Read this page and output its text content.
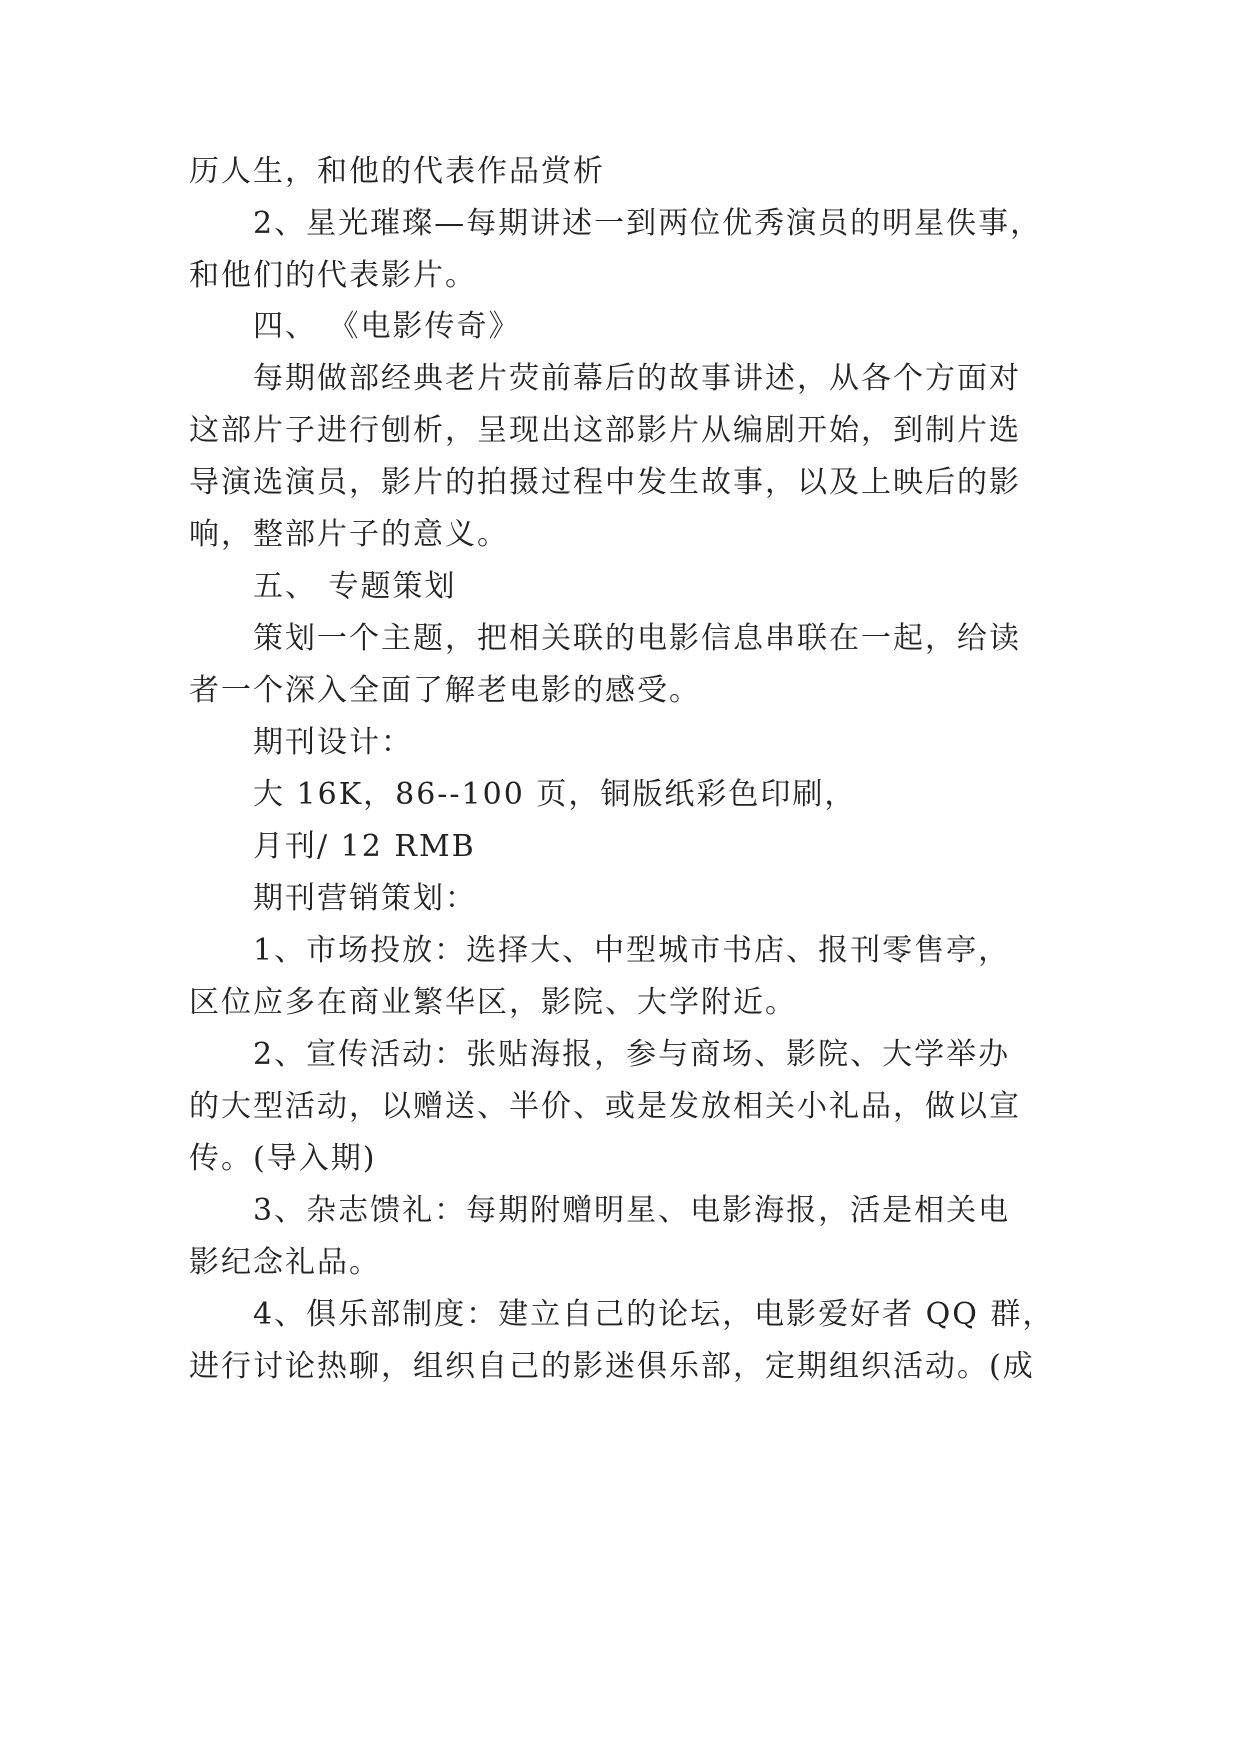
历人生，和他的代表作品赏析
2、星光璀璨—每期讲述一到两位优秀演员的明星佚事，
和他们的代表影片。
四、 《电影传奇》
每期做部经典老片荧前幕后的故事讲述，从各个方面对
这部片子进行刨析，呈现出这部影片从编剧开始，到制片选
导演选演员，影片的拍摄过程中发生故事，以及上映后的影
响，整部片子的意义。
五、 专题策划
策划一个主题，把相关联的电影信息串联在一起，给读
者一个深入全面了解老电影的感受。
期刊设计：
大 16K，86--100 页，铜版纸彩色印刷，
月刊/ 12 RMB
期刊营销策划：
1、市场投放：选择大、中型城市书店、报刊零售亭，
区位应多在商业繁华区，影院、大学附近。
2、宣传活动：张贴海报，参与商场、影院、大学举办
的大型活动，以赠送、半价、或是发放相关小礼品，做以宣
传。(导入期)
3、杂志馈礼：每期附赠明星、电影海报，活是相关电
影纪念礼品。
4、俱乐部制度：建立自己的论坛，电影爱好者 QQ 群，
进行讨论热聊，组织自己的影迷俱乐部，定期组织活动。(成
